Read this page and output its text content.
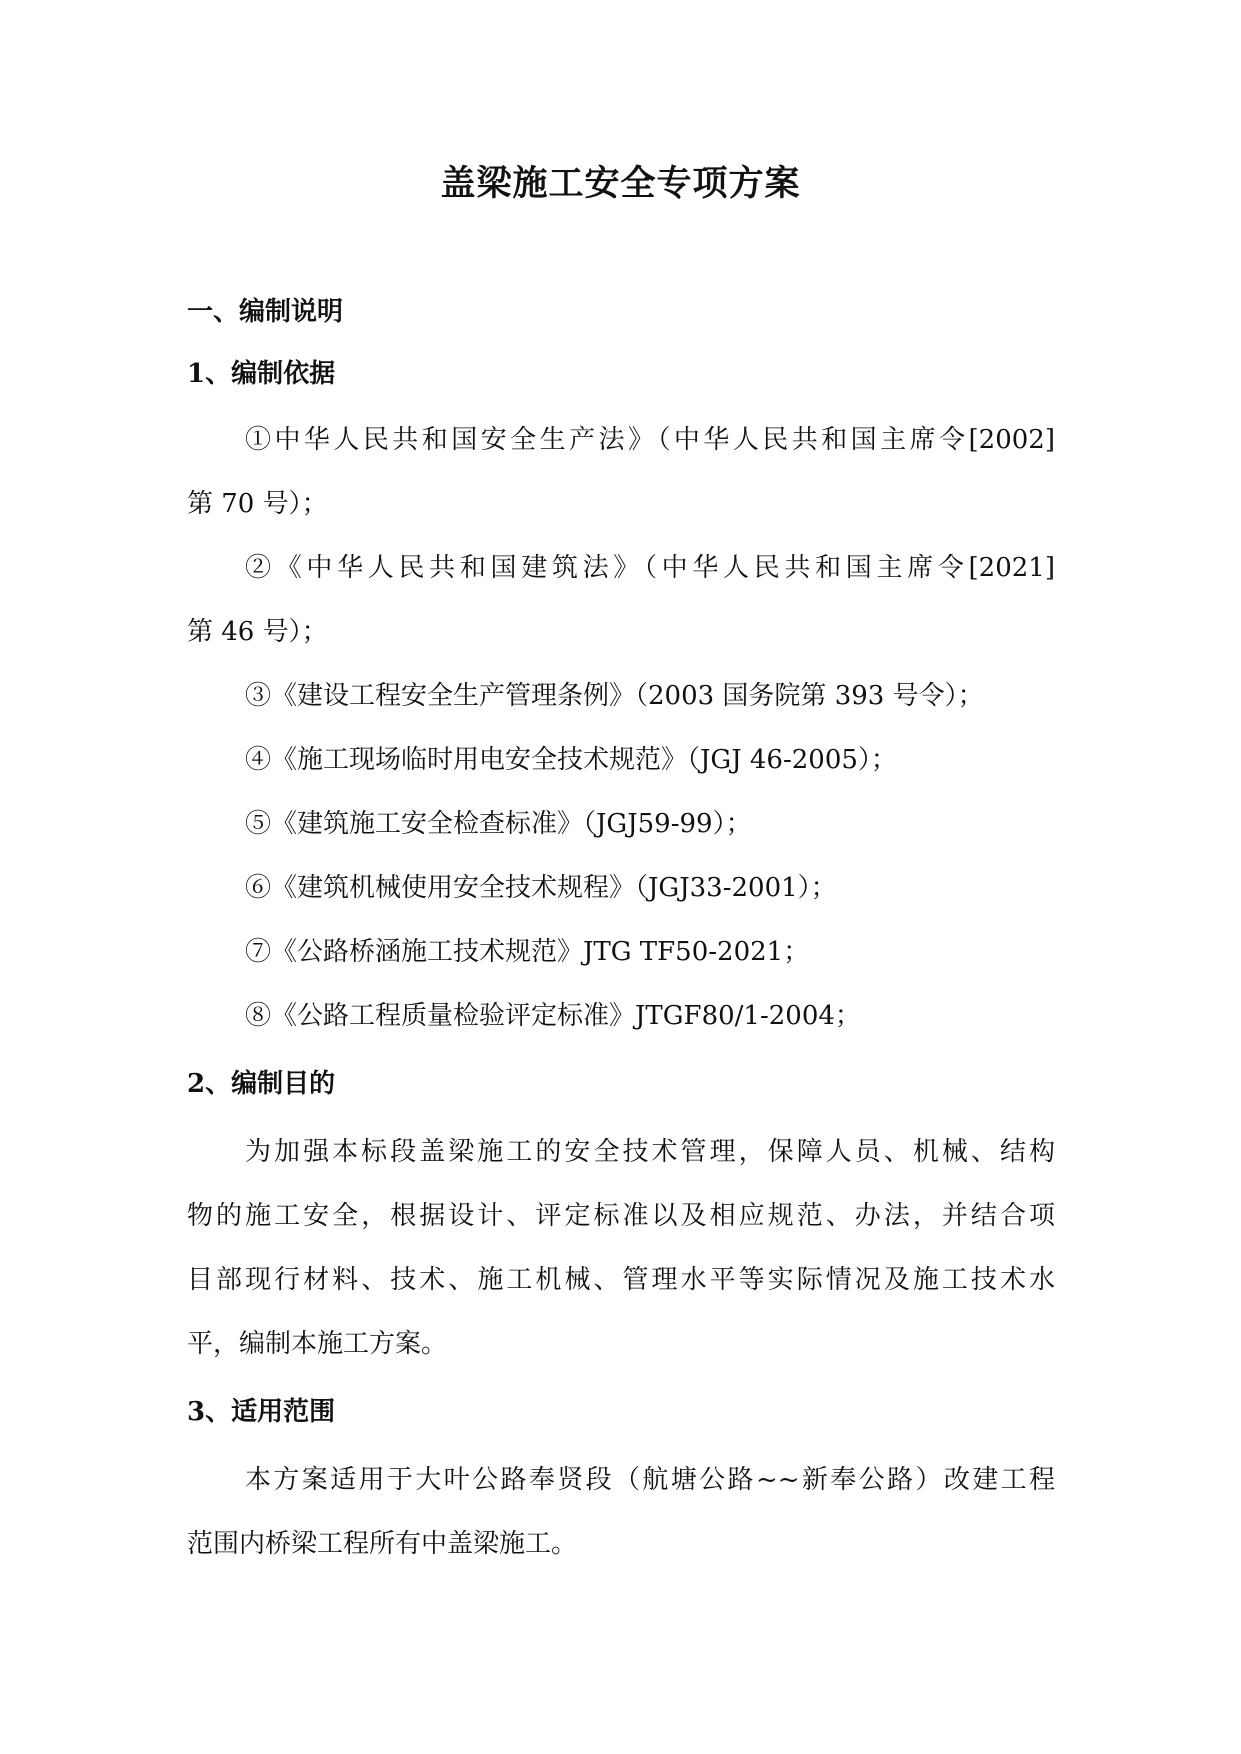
盖梁施工安全专项方案
一、编制说明
1、编制依据
①中华人民共和国安全生产法》（中华人民共和国主席令[2002]
第 70 号）；
②《中华人民共和国建筑法》（中华人民共和国主席令[2021]
第 46 号）；
③《建设工程安全生产管理条例》（2003 国务院第 393 号令）；
④《施工现场临时用电安全技术规范》（JGJ 46-2005）；
⑤《建筑施工安全检查标准》（JGJ59-99）；
⑥《建筑机械使用安全技术规程》（JGJ33-2001）；
⑦《公路桥涵施工技术规范》JTG TF50-2021；
⑧《公路工程质量检验评定标准》JTGF80/1-2004；
2、编制目的
为加强本标段盖梁施工的安全技术管理，保障人员、机械、结构
物的施工安全，根据设计、评定标准以及相应规范、办法，并结合项
目部现行材料、技术、施工机械、管理水平等实际情况及施工技术水
平，编制本施工方案。
3、适用范围
本方案适用于大叶公路奉贤段（航塘公路~~新奉公路）改建工程
范围内桥梁工程所有中盖梁施工。
